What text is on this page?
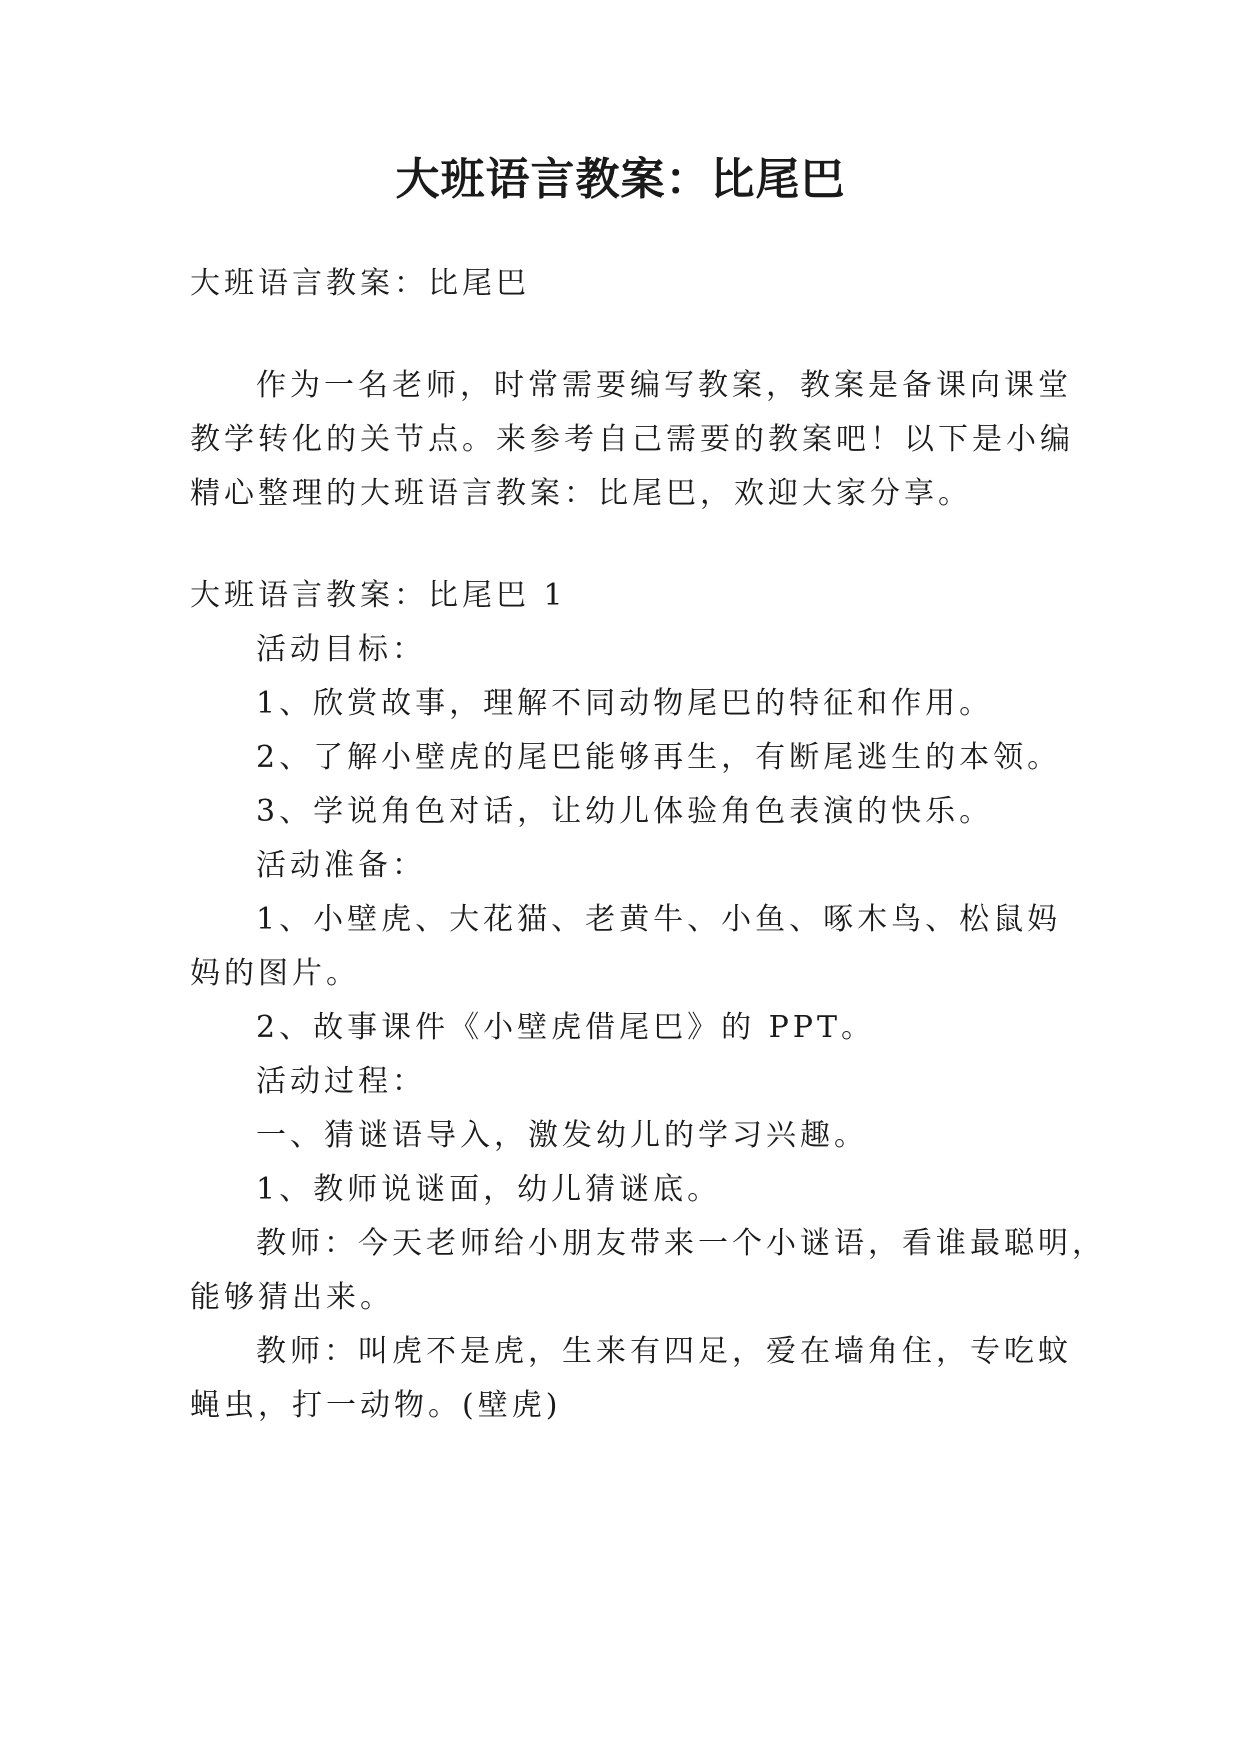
大班语言教案：比尾巴
大班语言教案：比尾巴
作为一名老师，时常需要编写教案，教案是备课向课堂
教学转化的关节点。来参考自己需要的教案吧！以下是小编
精心整理的大班语言教案：比尾巴，欢迎大家分享。
大班语言教案：比尾巴 1
活动目标：
1、欣赏故事，理解不同动物尾巴的特征和作用。
2、了解小壁虎的尾巴能够再生，有断尾逃生的本领。
3、学说角色对话，让幼儿体验角色表演的快乐。
活动准备：
1、小壁虎、大花猫、老黄牛、小鱼、啄木鸟、松鼠妈
妈的图片。
2、故事课件《小壁虎借尾巴》的 PPT。
活动过程：
一、猜谜语导入，激发幼儿的学习兴趣。
1、教师说谜面，幼儿猜谜底。
教师：今天老师给小朋友带来一个小谜语，看谁最聪明，
能够猜出来。
教师：叫虎不是虎，生来有四足，爱在墙角住，专吃蚊
蝇虫，打一动物。(壁虎)
